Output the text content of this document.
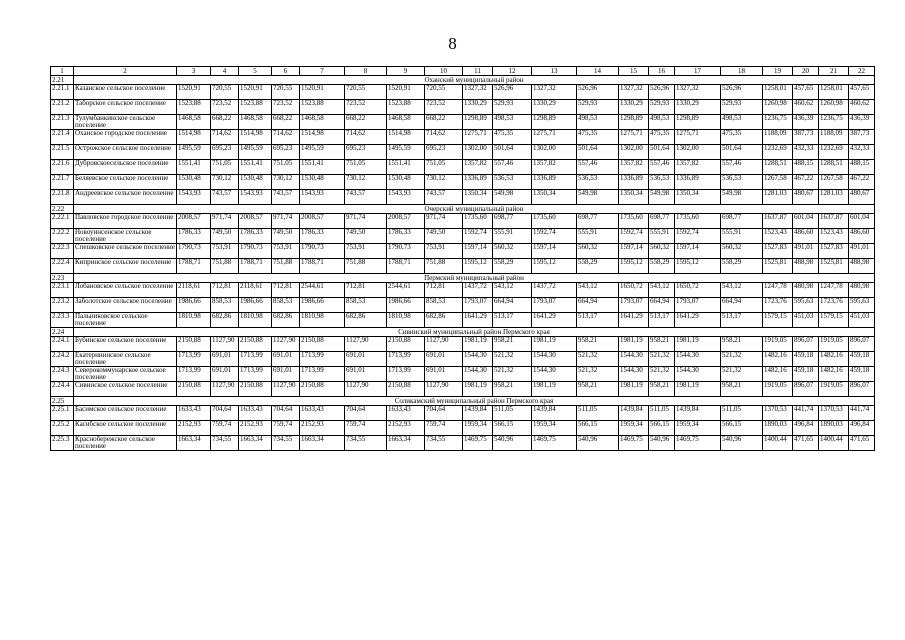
8
1	2	3	4	5	6	7	8	9	10	11	12	13	14	15	16	17	18	19	20	21	22
2.21	Оханский муниципальный район																				
2.21.1	Казанское сельское поселение	1520,91	720,55	1520,91	720,55	1520,91	720,55	1520,91	720,55	1327,32	526,96	1327,32	526,96	1327,32	526,96	1327,32	526,96	1258,01	457,65	1258,01	457,65
2.21.2	Таборское сельское поселение	1523,88	723,52	1523,88	723,52	1523,88	723,52	1523,88	723,52	1330,29	529,93	1330,29	529,93	1330,29	529,93	1330,29	529,93	1260,98	460,62	1260,98	460,62
2.21.3	Тулумбанкинское сельское поселение	1468,58	668,22	1468,58	668,22	1468,58	668,22	1468,58	668,22	1298,89	498,53	1298,89	498,53	1298,89	498,53	1298,89	498,53	1236,75	436,39	1236,75	436,39
2.21.4	Оханское городское поселение	1514,98	714,62	1514,98	714,62	1514,98	714,62	1514,98	714,62	1275,71	475,35	1275,71	475,35	1275,71	475,35	1275,71	475,35	1188,09	387,73	1188,09	387,73
2.21.5	Острожское сельское поселение	1495,59	695,23	1495,59	695,23	1495,59	695,23	1495,59	695,23	1302,00	501,64	1302,00	501,64	1302,00	501,64	1302,00	501,64	1232,69	432,33	1232,69	432,33
2.21.6	Дубровскоесельское поселение	1551,41	751,05	1551,41	751,05	1551,41	751,05	1551,41	751,05	1357,82	557,46	1357,82	557,46	1357,82	557,46	1357,82	557,46	1288,51	488,15	1288,51	488,15
2.21.7	Беляевское сельское поселение	1530,48	730,12	1530,48	730,12	1530,48	730,12	1530,48	730,12	1336,89	536,53	1336,89	536,53	1336,89	536,53	1336,89	536,53	1267,58	467,22	1267,58	467,22
2.21.8	Андреевское сельское поселение	1543,93	743,57	1543,93	743,57	1543,93	743,57	1543,93	743,57	1350,34	549,98	1350,34	549,98	1350,34	549,98	1350,34	549,98	1281,03	480,67	1281,03	480,67
2.22	Очерский муниципальный район																				
2.22.1	Павловское городское поселение	2008,57	971,74	2008,57	971,74	2008,57	971,74	2008,57	971,74	1735,60	698,77	1735,60	698,77	1735,60	698,77	1735,60	698,77	1637,87	601,04	1637,87	601,04
2.22.2	Новоуинсенское сельское поселение	1786,33	749,50	1786,33	749,50	1786,33	749,50	1786,33	749,50	1592,74	555,91	1592,74	555,91	1592,74	555,91	1592,74	555,91	1523,43	486,60	1523,43	486,60
2.22.3	Спешковское сельское поселение	1790,73	753,91	1790,73	753,91	1790,73	753,91	1790,73	753,91	1597,14	560,32	1597,14	560,32	1597,14	560,32	1597,14	560,32	1527,83	491,01	1527,83	491,01
2.22.4	Кипринское сельское поселение	1788,71	751,88	1788,71	751,88	1788,71	751,88	1788,71	751,88	1595,12	558,29	1595,12	558,29	1595,12	558,29	1595,12	558,29	1525,81	488,98	1525,81	488,98
2.23	Пермский муниципальный район																				
2.23.1	Лобановское сельское поселение	2118,61	712,81	2118,61	712,81	2544,61	712,81	2544,61	712,81	1437,72	543,12	1437,72	543,12	1650,72	543,12	1650,72	543,12	1247,78	480,98	1247,78	480,98
2.23.2	Заболотское сельское поселение	1986,66	858,53	1986,66	858,53	1986,66	858,53	1986,66	858,53	1793,07	664,94	1793,07	664,94	1793,07	664,94	1793,07	664,94	1723,76	595,63	1723,76	595,63
2.23.3	Пальниковское сельское поселение	1810,98	682,86	1810,98	682,86	1810,98	682,86	1810,98	682,86	1641,29	513,17	1641,29	513,17	1641,29	513,17	1641,29	513,17	1579,15	451,03	1579,15	451,03
2.24	Сивинский муниципальный район Пермского края																				
2.24.1	Бубинское сельское поселение	2150,88	1127,90	2150,88	1127,90	2150,88	1127,90	2150,88	1127,90	1981,19	958,21	1981,19	958,21	1981,19	958,21	1981,19	958,21	1919,05	896,07	1919,05	896,07
2.24.2	Екатерининское сельское поселение	1713,99	691,01	1713,99	691,01	1713,99	691,01	1713,99	691,01	1544,30	521,32	1544,30	521,32	1544,30	521,32	1544,30	521,32	1482,16	459,18	1482,16	459,18
2.24.3	Северокоммунарское сельское поселение	1713,99	691,01	1713,99	691,01	1713,99	691,01	1713,99	691,01	1544,30	521,32	1544,30	521,32	1544,30	521,32	1544,30	521,32	1482,16	459,18	1482,16	459,18
2.24.4	Сивинское сельское поселение	2150,88	1127,90	2150,88	1127,90	2150,88	1127,90	2150,88	1127,90	1981,19	958,21	1981,19	958,21	1981,19	958,21	1981,19	958,21	1919,05	896,07	1919,05	896,07
2.25	Соликамский муниципальный район Пермского края																				
2.25.1	Басимское сельское поселение	1633,43	704,64	1633,43	704,64	1633,43	704,64	1633,43	704,64	1439,84	511,05	1439,84	511,05	1439,84	511,05	1439,84	511,05	1370,53	441,74	1370,53	441,74
2.25.2	Касибское сельское поселение	2152,93	759,74	2152,93	759,74	2152,93	759,74	2152,93	759,74	1959,34	566,15	1959,34	566,15	1959,34	566,15	1959,34	566,15	1890,03	496,84	1890,03	496,84
2.25.3	Краснобережское сельское поселение	1663,34	734,55	1663,34	734,55	1663,34	734,55	1663,34	734,55	1469,75	540,96	1469,75	540,96	1469,75	540,96	1469,75	540,96	1400,44	471,65	1400,44	471,65
